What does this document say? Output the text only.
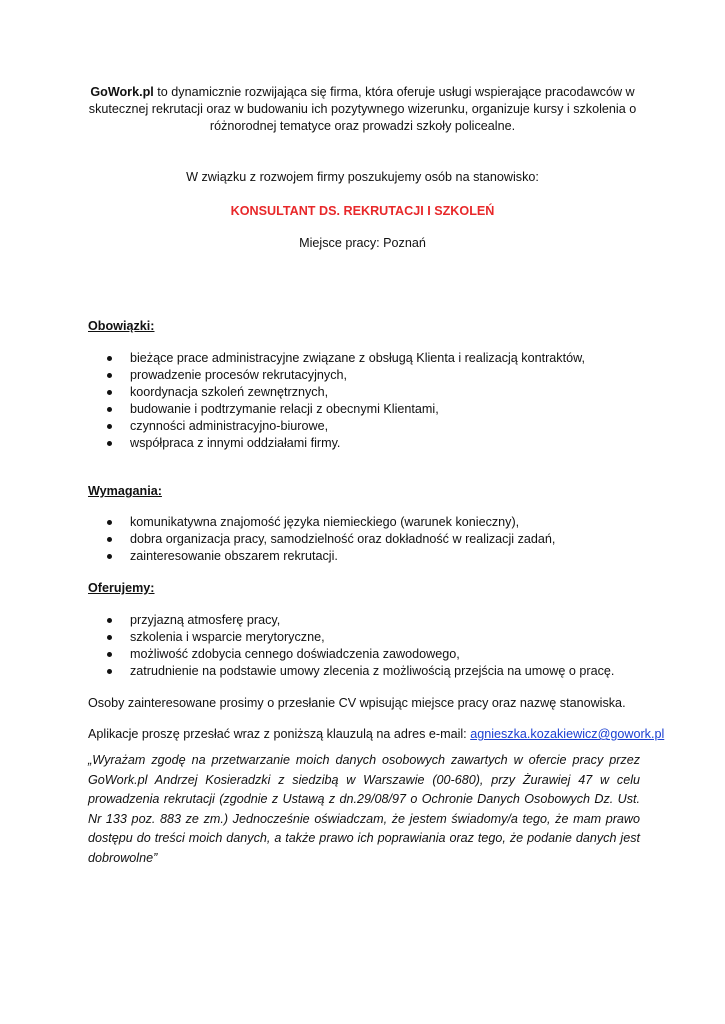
GoWork.pl to dynamicznie rozwijająca się firma, która oferuje usługi wspierające pracodawców w skutecznej rekrutacji oraz w budowaniu ich pozytywnego wizerunku, organizuje kursy i szkolenia o różnorodnej tematyce oraz prowadzi szkoły policealne.
W związku z rozwojem firmy poszukujemy osób na stanowisko:
KONSULTANT DS. REKRUTACJI I SZKOLEŃ
Miejsce pracy: Poznań
Obowiązki:
bieżące prace administracyjne związane z obsługą Klienta i realizacją kontraktów,
prowadzenie procesów rekrutacyjnych,
koordynacja szkoleń zewnętrznych,
budowanie i podtrzymanie relacji z obecnymi Klientami,
czynności administracyjno-biurowe,
współpraca z innymi oddziałami firmy.
Wymagania:
komunikatywna znajomość języka niemieckiego (warunek konieczny),
dobra organizacja pracy, samodzielność oraz dokładność w realizacji zadań,
zainteresowanie obszarem rekrutacji.
Oferujemy:
przyjazną atmosferę pracy,
szkolenia i wsparcie merytoryczne,
możliwość zdobycia cennego doświadczenia zawodowego,
zatrudnienie na podstawie umowy zlecenia z możliwością przejścia na umowę o pracę.
Osoby zainteresowane prosimy o przesłanie CV wpisując miejsce pracy oraz nazwę stanowiska.
Aplikacje proszę przesłać wraz z poniższą klauzulą na adres e-mail: agnieszka.kozakiewicz@gowork.pl
„Wyrażam zgodę na przetwarzanie moich danych osobowych zawartych w ofercie pracy przez GoWork.pl Andrzej Kosieradzki z siedzibą w Warszawie (00-680), przy Żurawiej 47 w celu prowadzenia rekrutacji (zgodnie z Ustawą z dn.29/08/97 o Ochronie Danych Osobowych Dz. Ust. Nr 133 poz. 883 ze zm.) Jednocześnie oświadczam, że jestem świadomy/a tego, że mam prawo dostępu do treści moich danych, a także prawo ich poprawiania oraz tego, że podanie danych jest dobrowolne”
